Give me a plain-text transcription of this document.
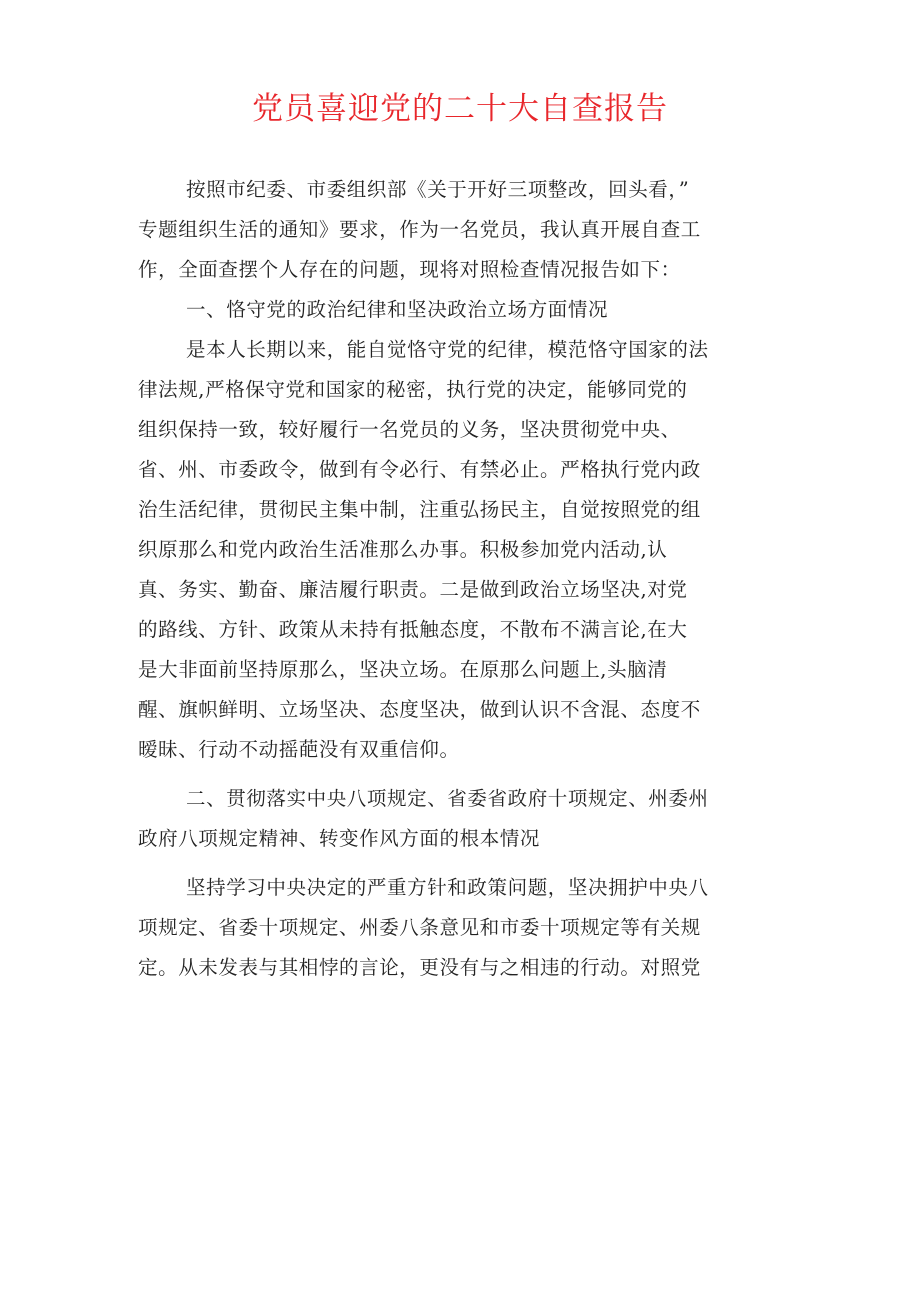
党员喜迎党的二十大自查报告
按照市纪委、市委组织部《关于开好三项整改，回头看，”
专题组织生活的通知》要求，作为一名党员，我认真开展自查工
作，全面查摆个人存在的问题，现将对照检查情况报告如下：
一、恪守党的政治纪律和坚决政治立场方面情况
是本人长期以来，能自觉恪守党的纪律，模范恪守国家的法
律法规,严格保守党和国家的秘密，执行党的决定，能够同党的
组织保持一致，较好履行一名党员的义务，坚决贯彻党中央、
省、州、市委政令，做到有令必行、有禁必止。严格执行党内政
治生活纪律，贯彻民主集中制，注重弘扬民主，自觉按照党的组
织原那么和党内政治生活准那么办事。积极参加党内活动,认
真、务实、勤奋、廉洁履行职责。二是做到政治立场坚决,对党
的路线、方针、政策从未持有抵触态度，不散布不满言论,在大
是大非面前坚持原那么，坚决立场。在原那么问题上,头脑清
醒、旗帜鲜明、立场坚决、态度坚决，做到认识不含混、态度不
暧昧、行动不动摇葩没有双重信仰。
二、贯彻落实中央八项规定、省委省政府十项规定、州委州
政府八项规定精神、转变作风方面的根本情况
坚持学习中央决定的严重方针和政策问题，坚决拥护中央八
项规定、省委十项规定、州委八条意见和市委十项规定等有关规
定。从未发表与其相悖的言论，更没有与之相违的行动。对照党
